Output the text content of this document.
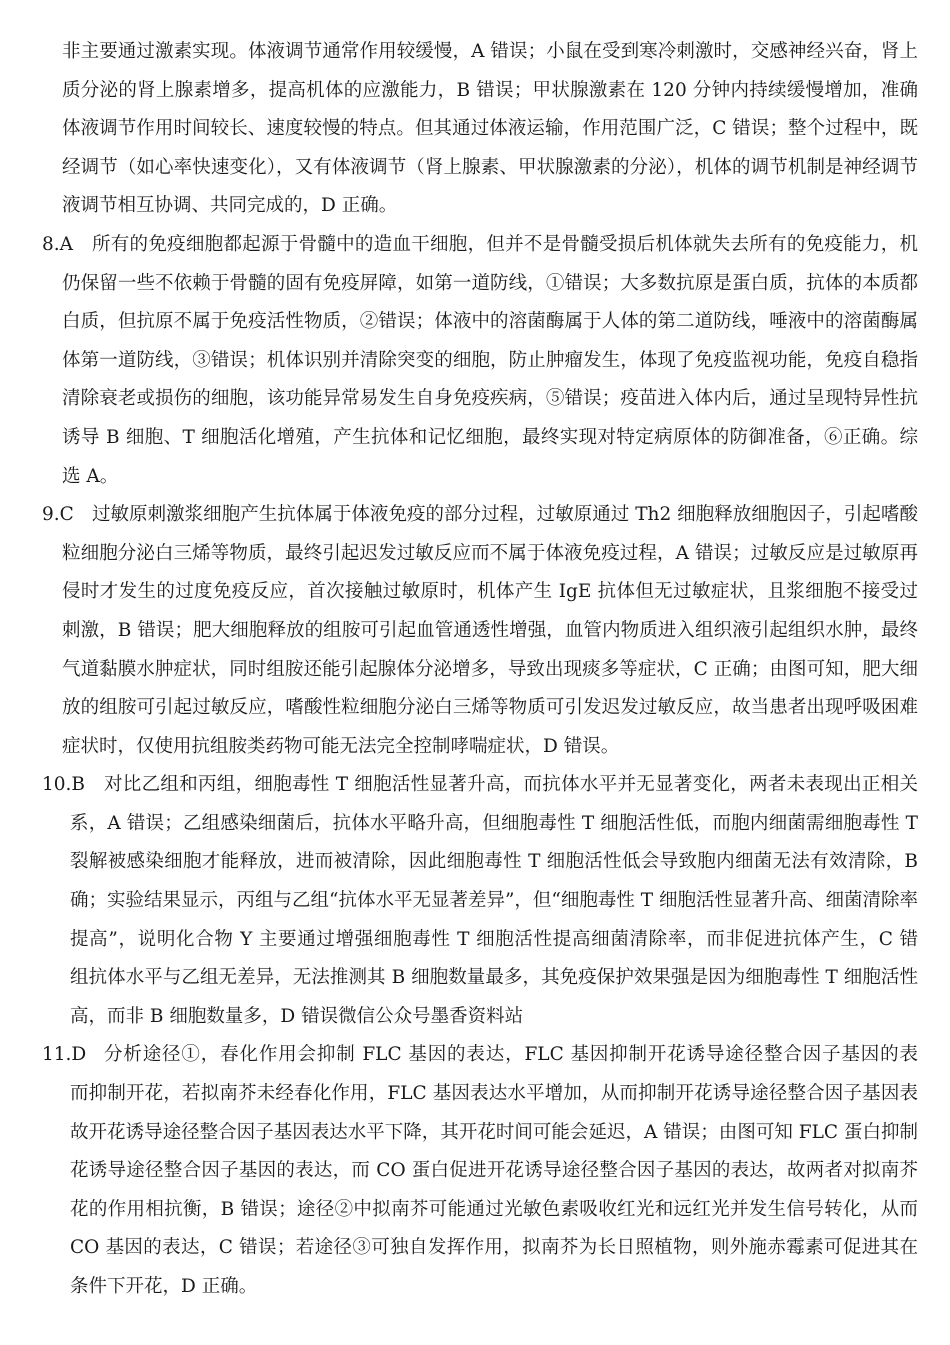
非主要通过激素实现。体液调节通常作用较缓慢，A 错误；小鼠在受到寒冷刺激时，交感神经兴奋，肾上
质分泌的肾上腺素增多，提高机体的应激能力，B 错误；甲状腺激素在 120 分钟内持续缓慢增加，准确
体液调节作用时间较长、速度较慢的特点。但其通过体液运输，作用范围广泛，C 错误；整个过程中，既
经调节（如心率快速变化），又有体液调节（肾上腺素、甲状腺激素的分泌），机体的调节机制是神经调节
液调节相互协调、共同完成的，D 正确。
8.A 所有的免疫细胞都起源于骨髓中的造血干细胞，但并不是骨髓受损后机体就失去所有的免疫能力，机
仍保留一些不依赖于骨髓的固有免疫屏障，如第一道防线，①错误；大多数抗原是蛋白质，抗体的本质都
白质，但抗原不属于免疫活性物质，②错误；体液中的溶菌酶属于人体的第二道防线，唾液中的溶菌酶属
体第一道防线，③错误；机体识别并清除突变的细胞，防止肿瘤发生，体现了免疫监视功能，免疫自稳指
清除衰老或损伤的细胞，该功能异常易发生自身免疫疾病，⑤错误；疫苗进入体内后，通过呈现特异性抗
诱导 B 细胞、T 细胞活化增殖，产生抗体和记忆细胞，最终实现对特定病原体的防御准备，⑥正确。综
选 A。
9.C 过敏原刺激浆细胞产生抗体属于体液免疫的部分过程，过敏原通过 Th2 细胞释放细胞因子，引起嗜酸
粒细胞分泌白三烯等物质，最终引起迟发过敏反应而不属于体液免疫过程，A 错误；过敏反应是过敏原再
侵时才发生的过度免疫反应，首次接触过敏原时，机体产生 IgE 抗体但无过敏症状，且浆细胞不接受过
刺激，B 错误；肥大细胞释放的组胺可引起血管通透性增强，血管内物质进入组织液引起组织水肿，最终
气道黏膜水肿症状，同时组胺还能引起腺体分泌增多，导致出现痰多等症状，C 正确；由图可知，肥大细
放的组胺可引起过敏反应，嗜酸性粒细胞分泌白三烯等物质可引发迟发过敏反应，故当患者出现呼吸困难
症状时，仅使用抗组胺类药物可能无法完全控制哮喘症状，D 错误。
10.B 对比乙组和丙组，细胞毒性 T 细胞活性显著升高，而抗体水平并无显著变化，两者未表现出正相关
系，A 错误；乙组感染细菌后，抗体水平略升高，但细胞毒性 T 细胞活性低，而胞内细菌需细胞毒性 T
裂解被感染细胞才能释放，进而被清除，因此细胞毒性 T 细胞活性低会导致胞内细菌无法有效清除，B
确；实验结果显示，丙组与乙组“抗体水平无显著差异”，但“细胞毒性 T 细胞活性显著升高、细菌清除率
提高”，说明化合物 Y 主要通过增强细胞毒性 T 细胞活性提高细菌清除率，而非促进抗体产生，C 错
组抗体水平与乙组无差异，无法推测其 B 细胞数量最多，其免疫保护效果强是因为细胞毒性 T 细胞活性
高，而非 B 细胞数量多，D 错误微信公众号墨香资料站
11.D 分析途径①，春化作用会抑制 FLC 基因的表达，FLC 基因抑制开花诱导途径整合因子基因的表
而抑制开花，若拟南芥未经春化作用，FLC 基因表达水平增加，从而抑制开花诱导途径整合因子基因表
故开花诱导途径整合因子基因表达水平下降，其开花时间可能会延迟，A 错误；由图可知 FLC 蛋白抑制
花诱导途径整合因子基因的表达，而 CO 蛋白促进开花诱导途径整合因子基因的表达，故两者对拟南芥
花的作用相抗衡，B 错误；途径②中拟南芥可能通过光敏色素吸收红光和远红光并发生信号转化，从而
CO 基因的表达，C 错误；若途径③可独自发挥作用，拟南芥为长日照植物，则外施赤霉素可促进其在
条件下开花，D 正确。
